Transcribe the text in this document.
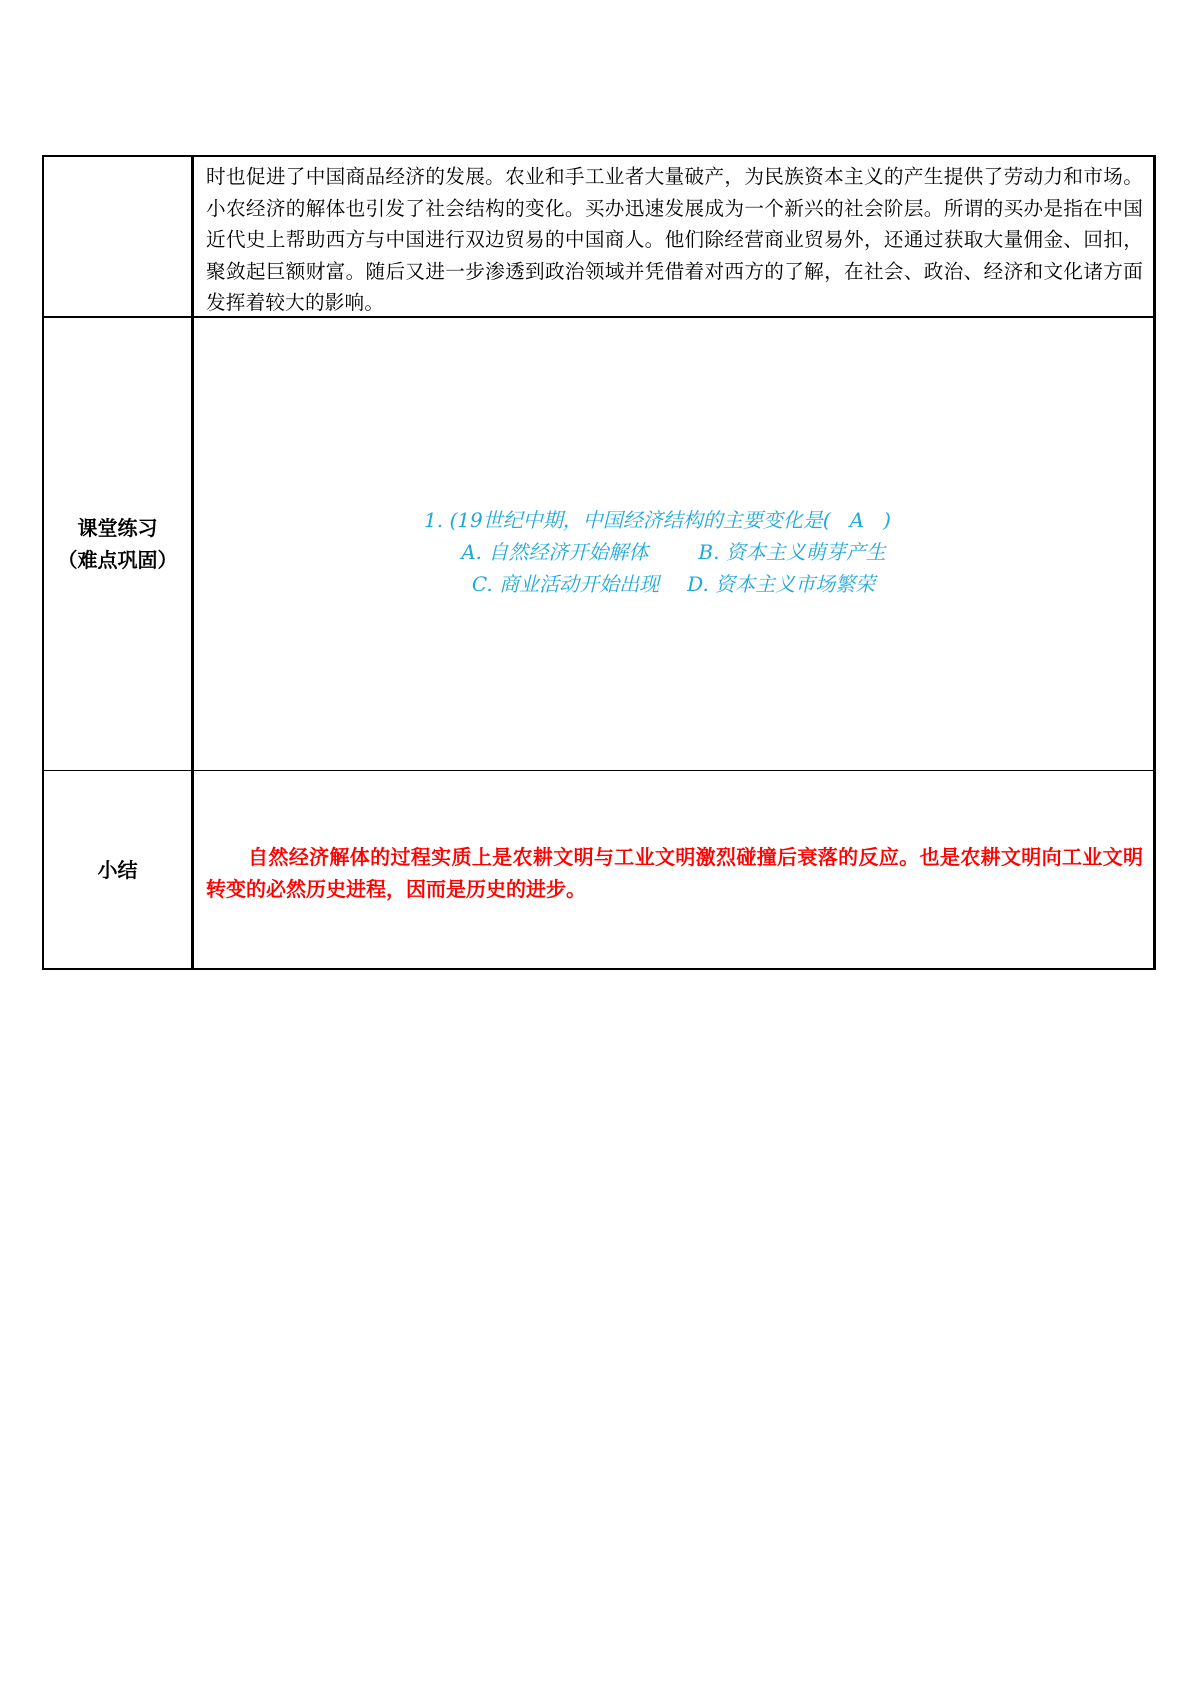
时也促进了中国商品经济的发展。农业和手工业者大量破产，为民族资本主义的产生提供了劳动力和市场。小农经济的解体也引发了社会结构的变化。买办迅速发展成为一个新兴的社会阶层。所谓的买办是指在中国近代史上帮助西方与中国进行双边贸易的中国商人。他们除经营商业贸易外，还通过获取大量佣金、回扣，聚敛起巨额财富。随后又进一步渗透到政治领域并凭借着对西方的了解，在社会、政治、经济和文化诸方面发挥着较大的影响。

课堂练习
（难点巩固）
1. (19世纪中期，中国经济结构的主要变化是(   A   )
A. 自然经济开始解体	B. 资本主义萌芽产生
C. 商业活动开始出现 D. 资本主义市场繁荣
小结

自然经济解体的过程实质上是农耕文明与工业文明激烈碰撞后衰落的反应。也是农耕文明向工业文明转变的必然历史进程，因而是历史的进步。
